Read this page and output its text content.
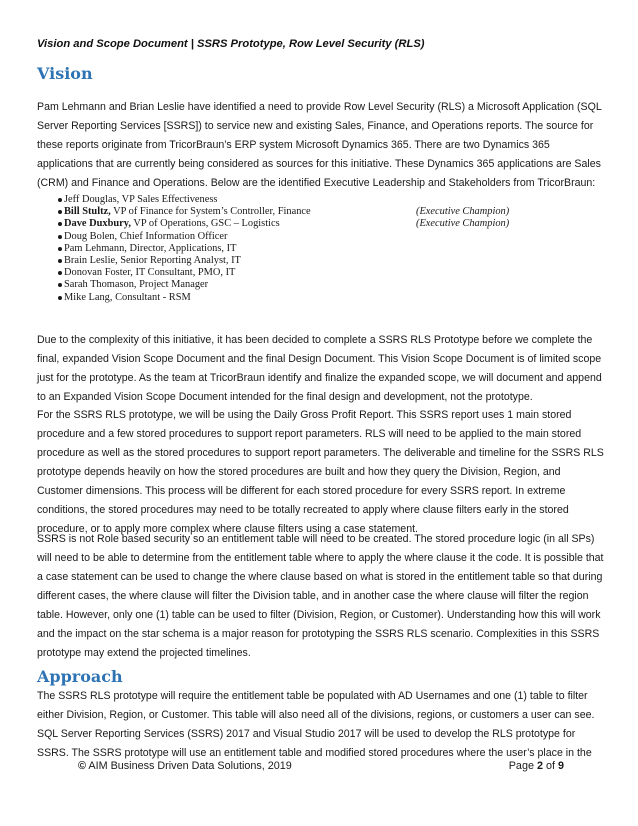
Vision and Scope Document | SSRS Prototype, Row Level Security (RLS)
Vision

Pam Lehmann and Brian Leslie have identified a need to provide Row Level Security (RLS) a Microsoft Application (SQL Server Reporting Services [SSRS]) to service new and existing Sales, Finance, and Operations reports. The source for these reports originate from TricorBraun’s ERP system Microsoft Dynamics 365. There are two Dynamics 365 applications that are currently being considered as sources for this initiative. These Dynamics 365 applications are Sales (CRM) and Finance and Operations. Below are the identified Executive Leadership and Stakeholders from TricorBraun:

Jeff Douglas, VP Sales Effectiveness
Bill Stultz, VP of Finance for System’s Controller, Finance	(Executive Champion)
Dave Duxbury, VP of Operations, GSC – Logistics	(Executive Champion)
Doug Bolen, Chief Information Officer
Pam Lehmann, Director, Applications, IT
Brain Leslie, Senior Reporting Analyst, IT
Donovan Foster, IT Consultant, PMO, IT
Sarah Thomason, Project Manager
Mike Lang, Consultant - RSM

Due to the complexity of this initiative, it has been decided to complete a SSRS RLS Prototype before we complete the final, expanded Vision Scope Document and the final Design Document. This Vision Scope Document is of limited scope just for the prototype. As the team at TricorBraun identify and finalize the expanded scope, we will document and append to an Expanded Vision Scope Document intended for the final design and development, not the prototype.

For the SSRS RLS prototype, we will be using the Daily Gross Profit Report. This SSRS report uses 1 main stored procedure and a few stored procedures to support report parameters. RLS will need to be applied to the main stored procedure as well as the stored procedures to support report parameters. The deliverable and timeline for the SSRS RLS prototype depends heavily on how the stored procedures are built and how they query the Division, Region, and Customer dimensions. This process will be different for each stored procedure for every SSRS report. In extreme conditions, the stored procedures may need to be totally recreated to apply where clause filters early in the stored procedure, or to apply more complex where clause filters using a case statement.

SSRS is not Role based security so an entitlement table will need to be created. The stored procedure logic (in all SPs) will need to be able to determine from the entitlement table where to apply the where clause it the code. It is possible that a case statement can be used to change the where clause based on what is stored in the entitlement table so that during different cases, the where clause will filter the Division table, and in another case the where clause will filter the region table. However, only one (1) table can be used to filter (Division, Region, or Customer). Understanding how this will work and the impact on the star schema is a major reason for prototyping the SSRS RLS scenario. Complexities in this SSRS prototype may extend the projected timelines.

Approach

The SSRS RLS prototype will require the entitlement table be populated with AD Usernames and one (1) table to filter either Division, Region, or Customer. This table will also need all of the divisions, regions, or customers a user can see. SQL Server Reporting Services (SSRS) 2017 and Visual Studio 2017 will be used to develop the RLS prototype for SSRS. The SSRS prototype will use an entitlement table and modified stored procedures where the user’s place in the

© AIM Business Driven Data Solutions, 2019	Page 2 of 9
